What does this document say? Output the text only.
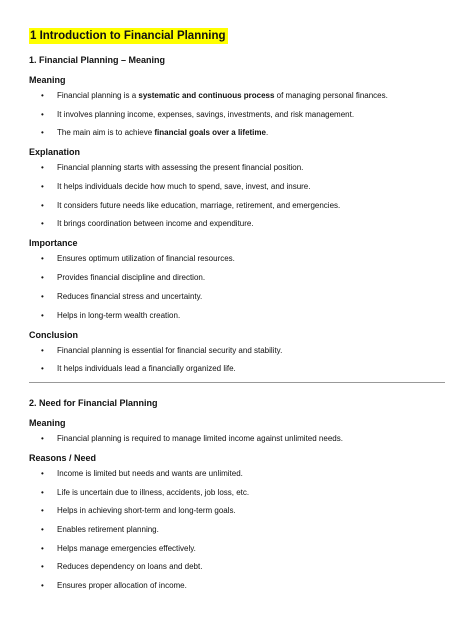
1 Introduction to Financial Planning
1. Financial Planning – Meaning
Meaning
• Financial planning is a systematic and continuous process of managing personal finances.
• It involves planning income, expenses, savings, investments, and risk management.
• The main aim is to achieve financial goals over a lifetime.
Explanation
• Financial planning starts with assessing the present financial position.
• It helps individuals decide how much to spend, save, invest, and insure.
• It considers future needs like education, marriage, retirement, and emergencies.
• It brings coordination between income and expenditure.
Importance
• Ensures optimum utilization of financial resources.
• Provides financial discipline and direction.
• Reduces financial stress and uncertainty.
• Helps in long-term wealth creation.
Conclusion
• Financial planning is essential for financial security and stability.
• It helps individuals lead a financially organized life.
2. Need for Financial Planning
Meaning
• Financial planning is required to manage limited income against unlimited needs.
Reasons / Need
• Income is limited but needs and wants are unlimited.
• Life is uncertain due to illness, accidents, job loss, etc.
• Helps in achieving short-term and long-term goals.
• Enables retirement planning.
• Helps manage emergencies effectively.
• Reduces dependency on loans and debt.
• Ensures proper allocation of income.
